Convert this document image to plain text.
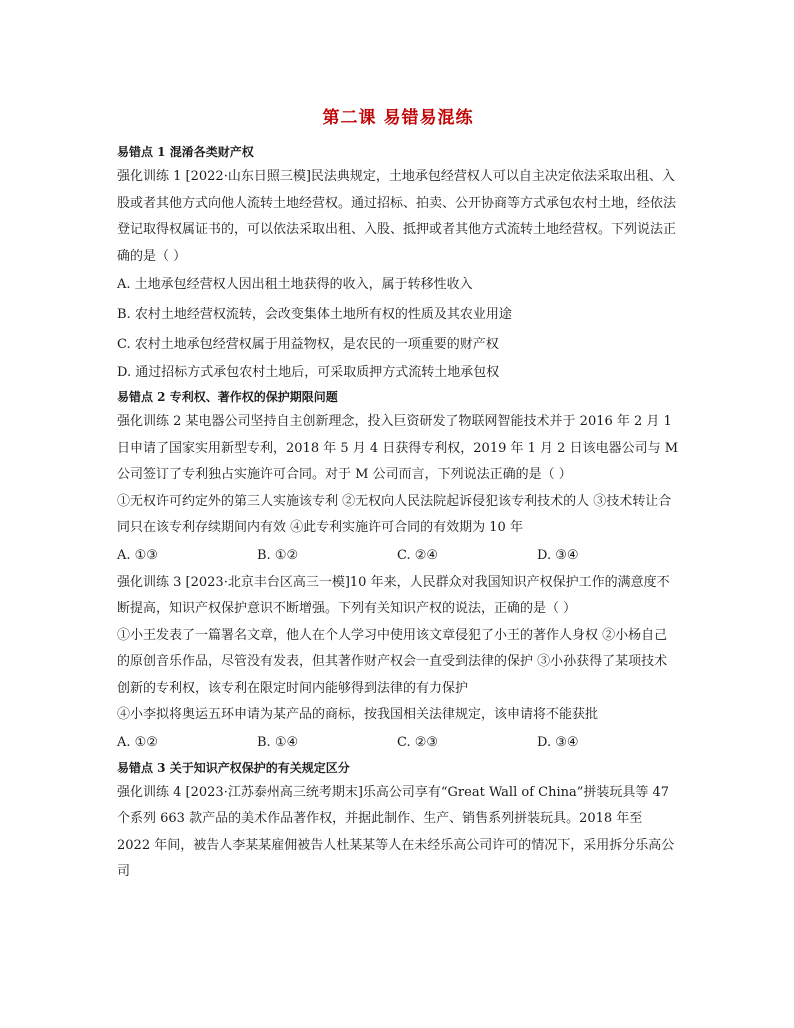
第二课 易错易混练

易错点 1 混淆各类财产权

强化训练 1 [2022·山东日照三模]民法典规定，土地承包经营权人可以自主决定依法采取出租、入股或者其他方式向他人流转土地经营权。通过招标、拍卖、公开协商等方式承包农村土地，经依法登记取得权属证书的，可以依法采取出租、入股、抵押或者其他方式流转土地经营权。下列说法正确的是（ ）

A. 土地承包经营权人因出租土地获得的收入，属于转移性收入

B. 农村土地经营权流转，会改变集体土地所有权的性质及其农业用途

C. 农村土地承包经营权属于用益物权，是农民的一项重要的财产权

D. 通过招标方式承包农村土地后，可采取质押方式流转土地承包权

易错点 2 专利权、著作权的保护期限问题

强化训练 2 某电器公司坚持自主创新理念，投入巨资研发了物联网智能技术并于 2016 年 2 月 1 日申请了国家实用新型专利，2018 年 5 月 4 日获得专利权，2019 年 1 月 2 日该电器公司与 M 公司签订了专利独占实施许可合同。对于 M 公司而言，下列说法正确的是（ ）

①无权许可约定外的第三人实施该专利 ②无权向人民法院起诉侵犯该专利技术的人 ③技术转让合同只在该专利存续期间内有效 ④此专利实施许可合同的有效期为 10 年

A. ①③	B. ①②	C. ②④	D. ③④

强化训练 3 [2023·北京丰台区高三一模]10 年来，人民群众对我国知识产权保护工作的满意度不断提高，知识产权保护意识不断增强。下列有关知识产权的说法，正确的是（ ）

①小王发表了一篇署名文章，他人在个人学习中使用该文章侵犯了小王的著作人身权 ②小杨自己的原创音乐作品，尽管没有发表，但其著作财产权会一直受到法律的保护 ③小孙获得了某项技术创新的专利权，该专利在限定时间内能够得到法律的有力保护

④小李拟将奥运五环申请为某产品的商标，按我国相关法律规定，该申请将不能获批

A. ①②	B. ①④	C. ②③	D. ③④

易错点 3 关于知识产权保护的有关规定区分

强化训练 4 [2023·江苏泰州高三统考期末]乐高公司享有“Great Wall of China”拼装玩具等 47 个系列 663 款产品的美术作品著作权，并据此制作、生产、销售系列拼装玩具。2018 年至 2022 年间，被告人李某某雇佣被告人杜某某等人在未经乐高公司许可的情况下，采用拆分乐高公司
